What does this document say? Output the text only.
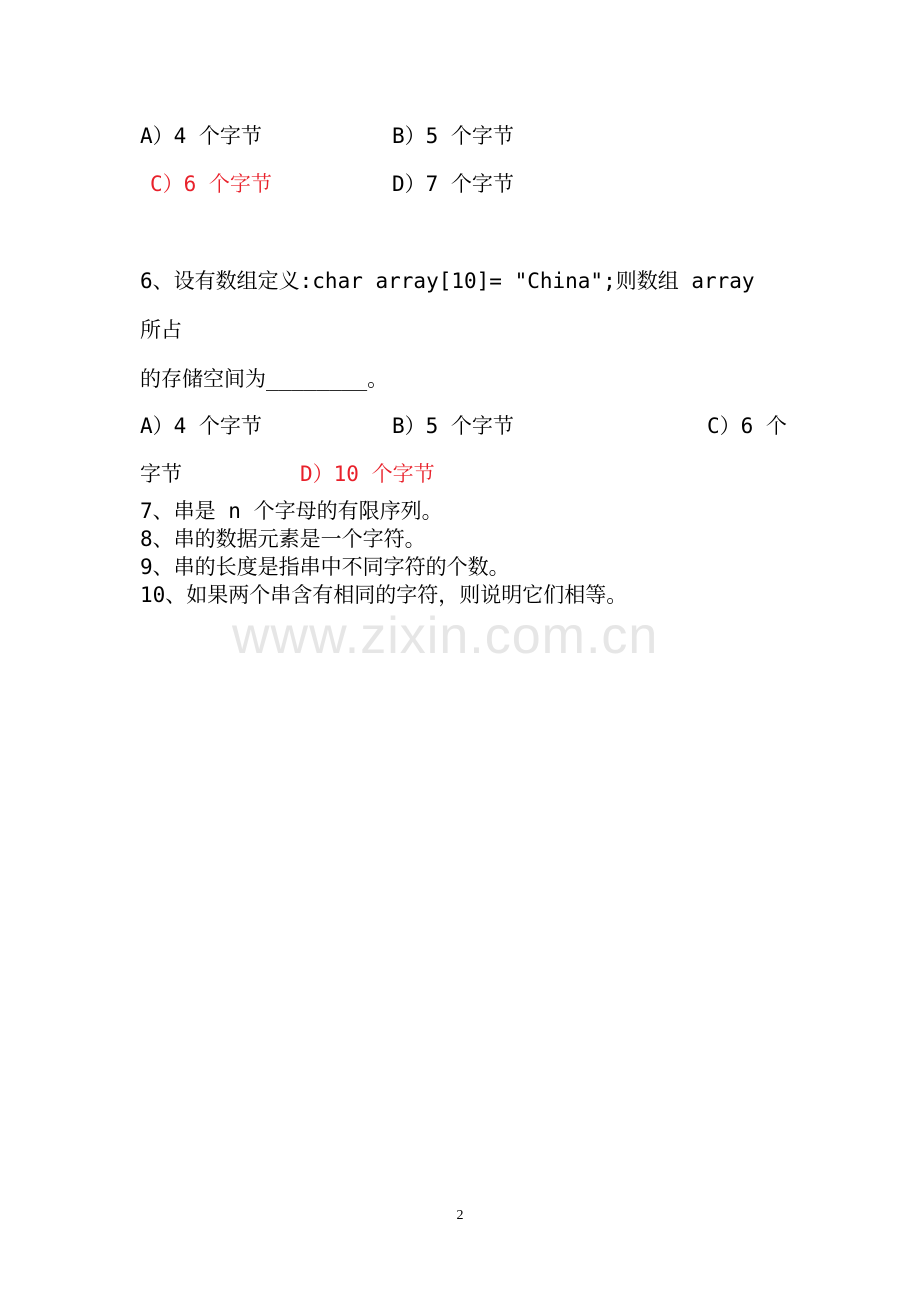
A）4 个字节	B）5 个字节
C）6 个字节	D）7 个字节
6、设有数组定义:char array[10]= "China";则数组 array
所占
的存储空间为________。
A）4 个字节	B）5 个字节	C）6 个
字节	D）10 个字节
7、串是 n 个字母的有限序列。
8、串的数据元素是一个字符。
9、串的长度是指串中不同字符的个数。
10、如果两个串含有相同的字符，则说明它们相等。
www.zixin.com.cn
2
